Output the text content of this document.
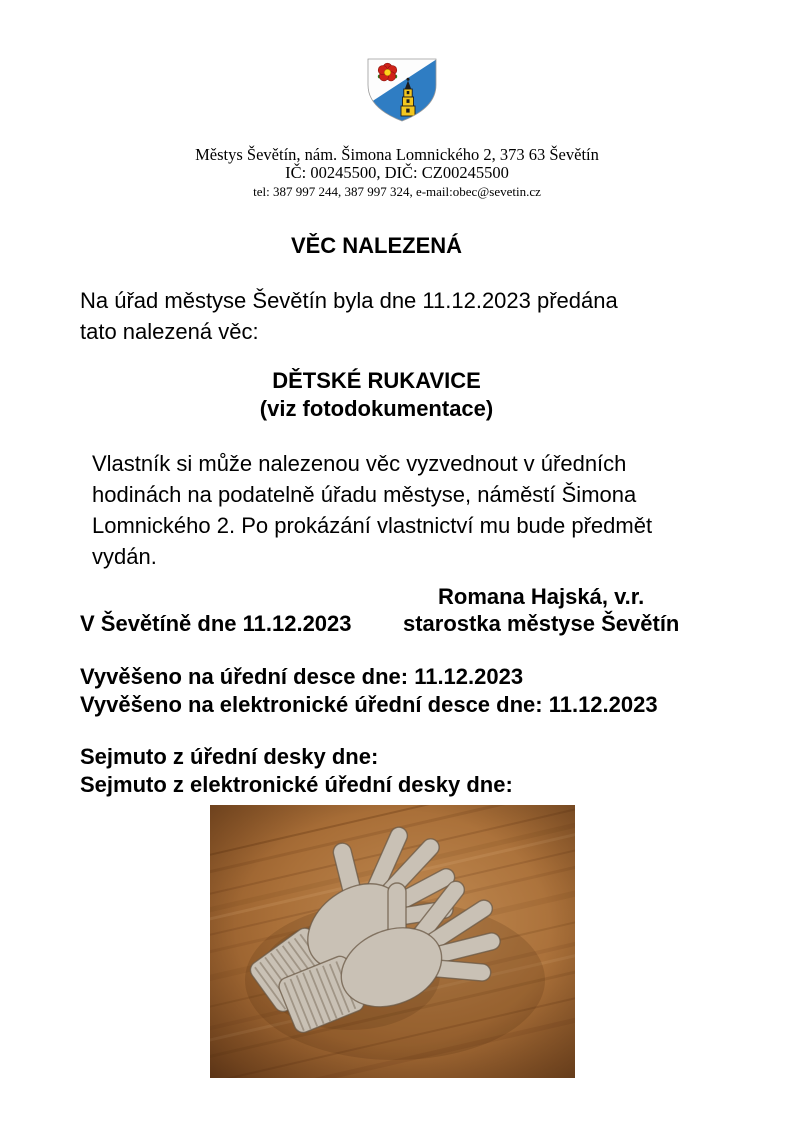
Městys Ševětín, nám. Šimona Lomnického 2, 373 63 Ševětín
IČ: 00245500, DIČ: CZ00245500
tel: 387 997 244, 387 997 324, e-mail:obec@sevetin.cz
VĚC NALEZENÁ
Na úřad městyse Ševětín byla dne 11.12.2023 předána
tato nalezená věc:
DĚTSKÉ RUKAVICE
(viz fotodokumentace)
Vlastník si může nalezenou věc vyzvednout v úředních
hodinách na podatelně úřadu městyse, náměstí Šimona
Lomnického 2. Po prokázání vlastnictví mu bude předmět
vydán.
Romana Hajská, v.r.
V Ševětíně dne 11.12.2023 starostka městyse Ševětín
Vyvěšeno na úřední desce dne: 11.12.2023
Vyvěšeno na elektronické úřední desce dne: 11.12.2023
Sejmuto z úřední desky dne:
Sejmuto z elektronické úřední desky dne:
